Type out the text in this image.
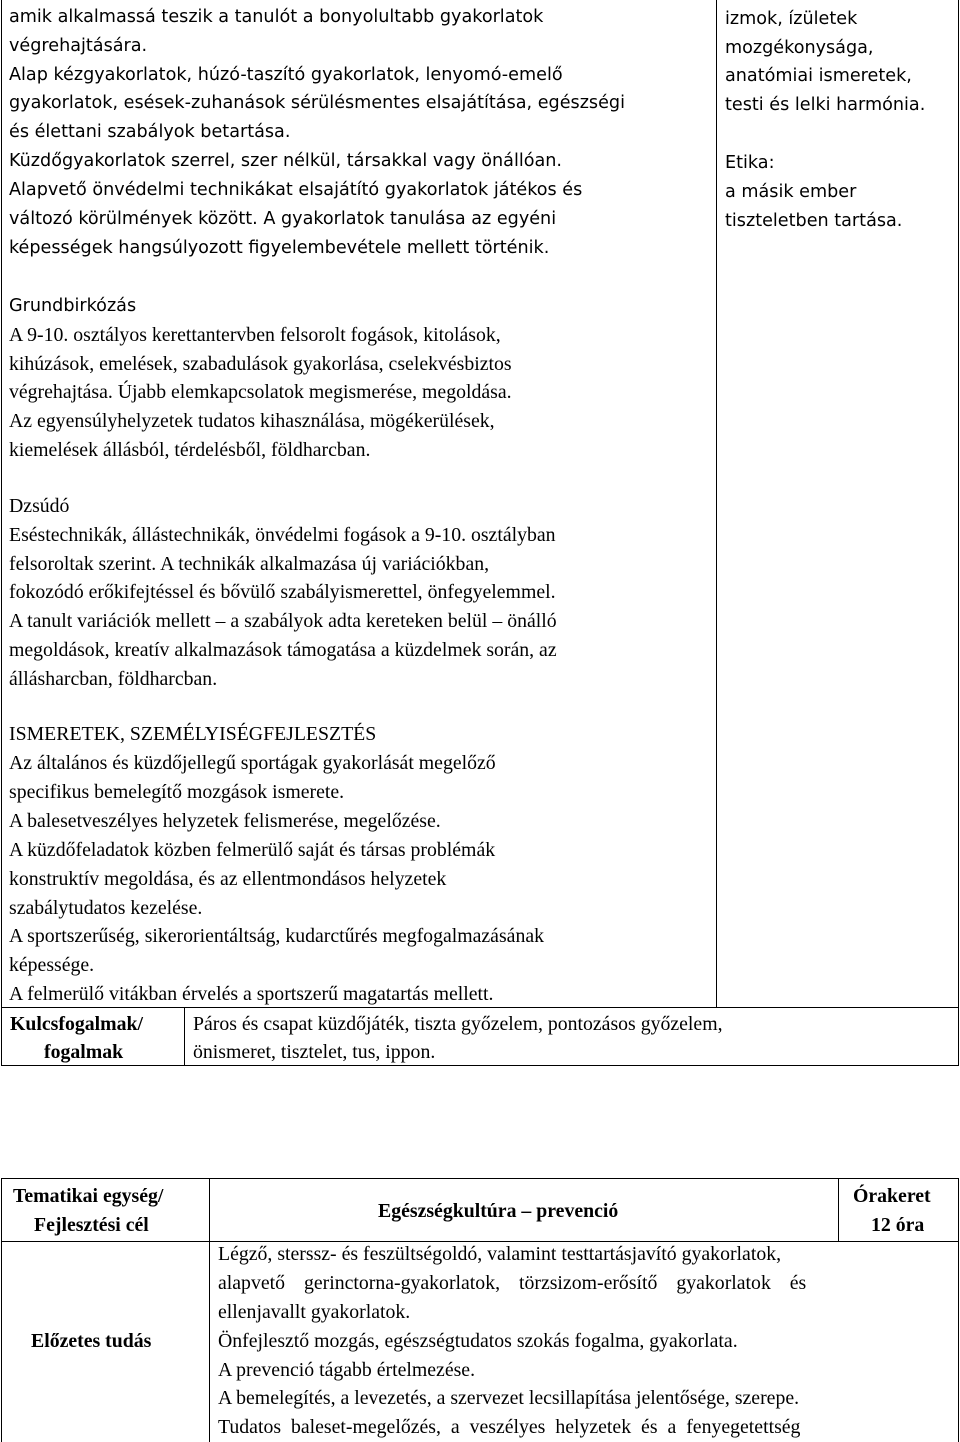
amik alkalmassá teszik a tanulót a bonyolultabb gyakorlatok

végrehajtására.

Alap kézgyakorlatok, húzó-taszító gyakorlatok, lenyomó-emelő

gyakorlatok, esések-zuhanások sérülésmentes elsajátítása, egészségi

és élettani szabályok betartása.

Küzdőgyakorlatok szerrel, szer nélkül, társakkal vagy önállóan.

Alapvető önvédelmi technikákat elsajátító gyakorlatok játékos és

változó körülmények között. A gyakorlatok tanulása az egyéni

képességek hangsúlyozott figyelembevétele mellett történik.

Grundbirkózás

A 9-10. osztályos kerettantervben felsorolt fogások, kitolások,

kihúzások, emelések, szabadulások gyakorlása, cselekvésbiztos

végrehajtása. Újabb elemkapcsolatok megismerése, megoldása.

Az egyensúlyhelyzetek tudatos kihasználása, mögékerülések,

kiemelések állásból, térdelésből, földharcban.

Dzsúdó

Eséstechnikák, állástechnikák, önvédelmi fogások a 9-10. osztályban

felsoroltak szerint. A technikák alkalmazása új variációkban,

fokozódó erőkifejtéssel és bővülő szabályismerettel, önfegyelemmel.

A tanult variációk mellett – a szabályok adta kereteken belül – önálló

megoldások, kreatív alkalmazások támogatása a küzdelmek során, az

állásharcban, földharcban.

ISMERETEK, SZEMÉLYISÉGFEJLESZTÉS

Az általános és küzdőjellegű sportágak gyakorlását megelőző

specifikus bemelegítő mozgások ismerete.

A balesetveszélyes helyzetek felismerése, megelőzése.

A küzdőfeladatok közben felmerülő saját és társas problémák

konstruktív megoldása, és az ellentmondásos helyzetek

szabálytudatos kezelése.

A sportszerűség, sikerorientáltság, kudarctűrés megfogalmazásának

képessége.

A felmerülő vitákban érvelés a sportszerű magatartás mellett.

izmok, ízületek

mozgékonysága,

anatómiai ismeretek,

testi és lelki harmónia.

Etika:

a másik ember

tiszteletben tartása.

Kulcsfogalmak/

fogalmak

Páros és csapat küzdőjáték, tiszta győzelem, pontozásos győzelem,

önismeret, tisztelet, tus, ippon.

Tematikai egység/

Fejlesztési cél

Egészségkultúra – prevenció

Órakeret

12 óra

Előzetes tudás

Légző, sterssz- és feszültségoldó, valamint testtartásjavító gyakorlatok,

alapvető gerinctorna-gyakorlatok, törzsizom-erősítő gyakorlatok és

ellenjavallt gyakorlatok.

Önfejlesztő mozgás, egészségtudatos szokás fogalma, gyakorlata.

A prevenció tágabb értelmezése.

A bemelegítés, a levezetés, a szervezet lecsillapítása jelentősége, szerepe.

Tudatos baleset-megelőzés, a veszélyes helyzetek és a fenyegetettség
